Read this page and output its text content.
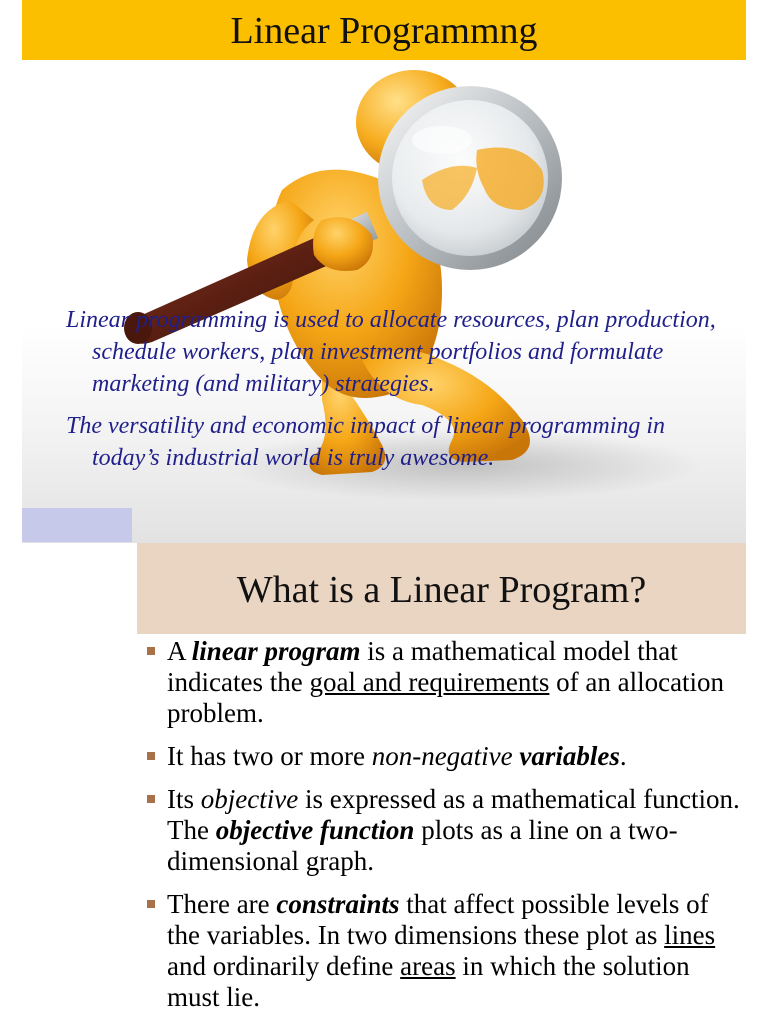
Linear Programmng

Linear programming is used to allocate resources, plan production, schedule workers, plan investment portfolios and formulate marketing (and military) strategies.

The versatility and economic impact of linear programming in today’s industrial world is truly awesome.

What is a Linear Program?
A linear program is a mathematical model that indicates the goal and requirements of an allocation problem.
It has two or more non-negative variables.
Its objective is expressed as a mathematical function. The objective function plots as a line on a two-dimensional graph.
There are constraints that affect possible levels of the variables. In two dimensions these plot as lines and ordinarily define areas in which the solution must lie.
